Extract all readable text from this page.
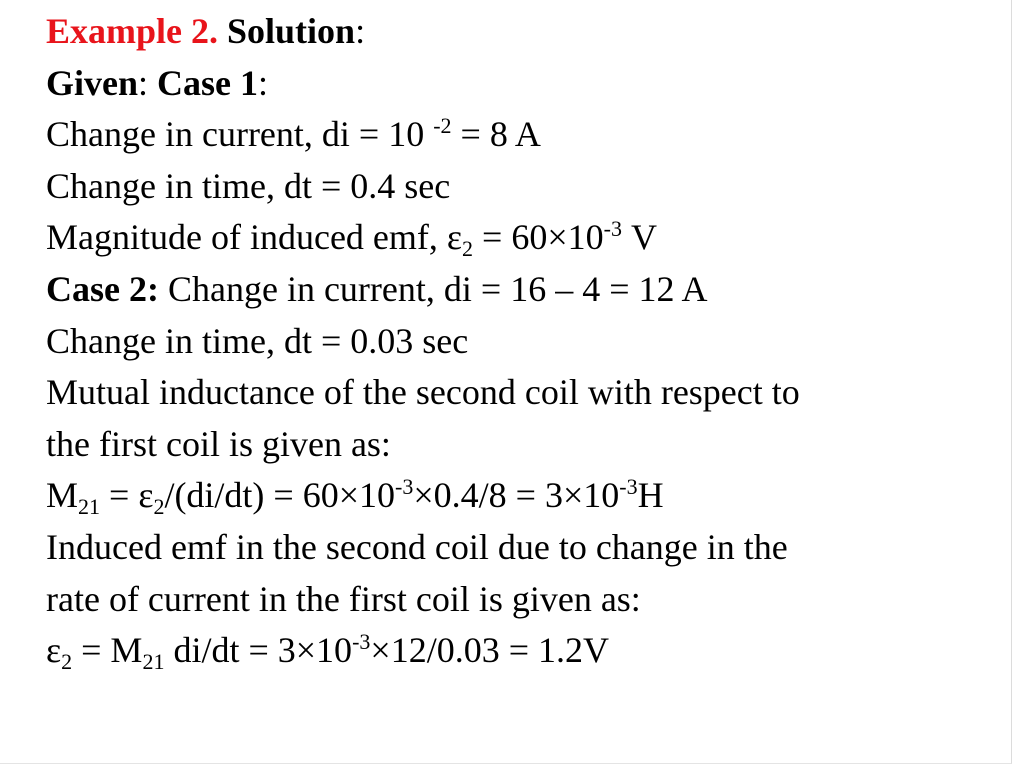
Example 2. Solution:
Given: Case 1:
Change in current, di = 10 $^{-2}$ = 8 A
Change in time, dt = 0.4 sec
Magnitude of induced emf, $\varepsilon_2 = 60\times 10^{-3}$ V
Case 2: Change in current, di = 16 – 4 = 12 A
Change in time, dt = 0.03 sec
Mutual inductance of the second coil with respect to
the first coil is given as:
$M_{21} = \varepsilon_2/(di/dt) = 60\times 10^{-3}\times 0.4/8 = 3\times 10^{-3}H$
Induced emf in the second coil due to change in the
rate of current in the first coil is given as:
$\varepsilon_2 = M_{21}$ $di/dt = 3\times 10^{-3}\times 12/0.03 = 1.2V$
